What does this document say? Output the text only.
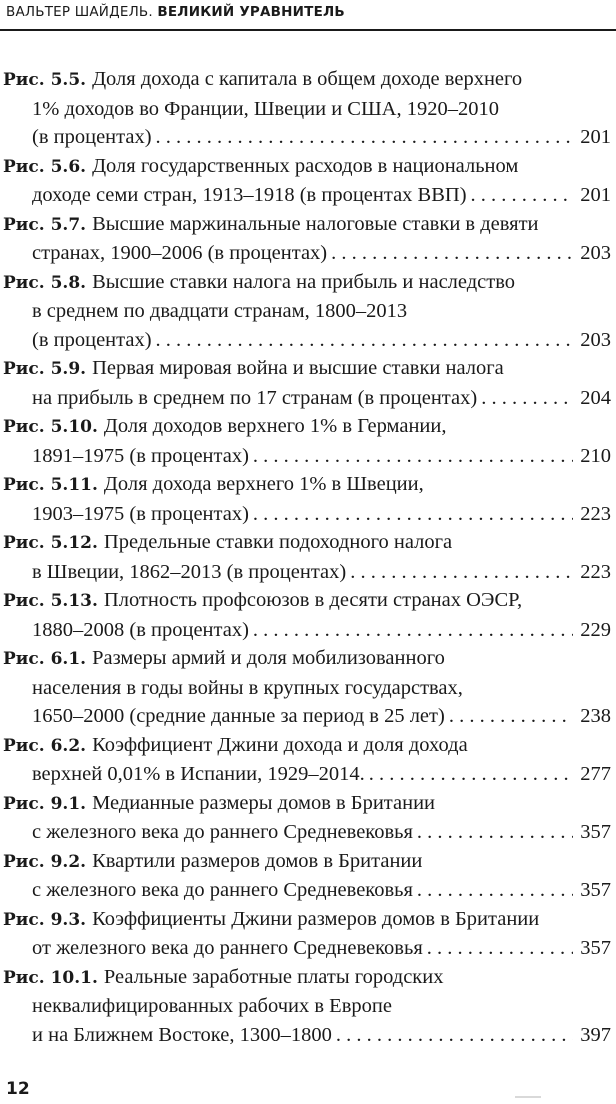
ВАЛЬТЕР ШАЙДЕЛЬ. ВЕЛИКИЙ УРАВНИТЕЛЬ
Рис. 5.5. Доля дохода с капитала в общем доходе верхнего
1% доходов во Франции, Швеции и США, 1920–2010
(в процентах) . . .	201
Рис. 5.6. Доля государственных расходов в национальном
доходе семи стран, 1913–1918 (в процентах ВВП) . . .	201
Рис. 5.7. Высшие маржинальные налоговые ставки в девяти
странах, 1900–2006 (в процентах) . . .	203
Рис. 5.8. Высшие ставки налога на прибыль и наследство
в среднем по двадцати странам, 1800–2013
(в процентах) . . .	203
Рис. 5.9. Первая мировая война и высшие ставки налога
на прибыль в среднем по 17 странам (в процентах) . . .	204
Рис. 5.10. Доля доходов верхнего 1% в Германии,
1891–1975 (в процентах) . . .	210
Рис. 5.11. Доля дохода верхнего 1% в Швеции,
1903–1975 (в процентах) . . .	223
Рис. 5.12. Предельные ставки подоходного налога
в Швеции, 1862–2013 (в процентах) . . .	223
Рис. 5.13. Плотность профсоюзов в десяти странах ОЭСР,
1880–2008 (в процентах) . . .	229
Рис. 6.1. Размеры армий и доля мобилизованного
населения в годы войны в крупных государствах,
1650–2000 (средние данные за период в 25 лет) . . .	238
Рис. 6.2. Коэффициент Джини дохода и доля дохода
верхней 0,01% в Испании, 1929–2014. . . .	277
Рис. 9.1. Медианные размеры домов в Британии
с железного века до раннего Средневековья . . .	357
Рис. 9.2. Квартили размеров домов в Британии
с железного века до раннего Средневековья . . .	357
Рис. 9.3. Коэффициенты Джини размеров домов в Британии
от железного века до раннего Средневековья . . .	357
Рис. 10.1. Реальные заработные платы городских
неквалифицированных рабочих в Европе
и на Ближнем Востоке, 1300–1800 . . .	397
12
